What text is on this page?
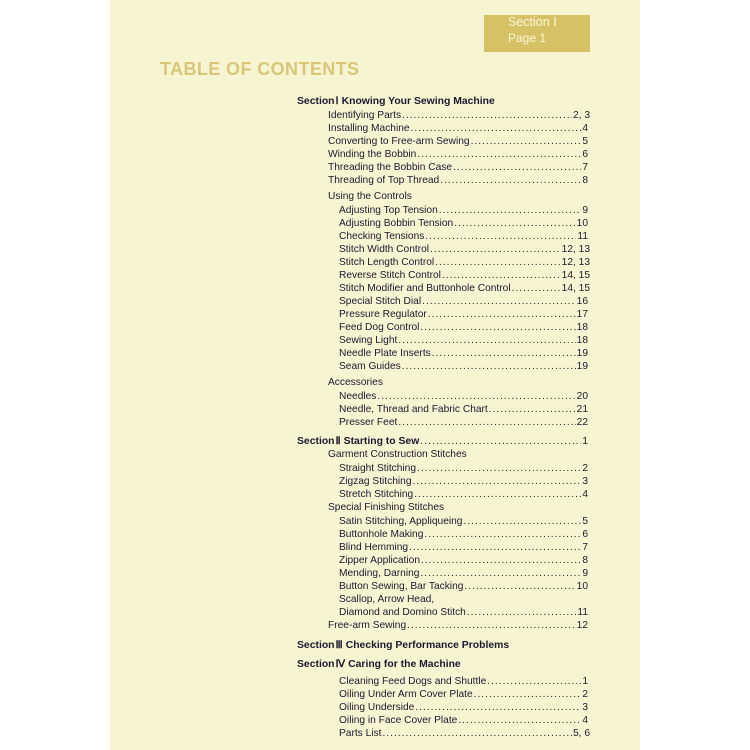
Section Ⅰ
Page 1
TABLE OF CONTENTS
Section Ⅰ Knowing Your Sewing Machine
Identifying Parts .....	2, 3
Installing Machine .....	4
Converting to Free-arm Sewing .....	5
Winding the Bobbin .....	6
Threading the Bobbin Case .....	7
Threading of Top Thread .....	8
Using the Controls
Adjusting Top Tension .....	9
Adjusting Bobbin Tension .....	10
Checking Tensions .....	11
Stitch Width Control .....	12, 13
Stitch Length Control .....	12, 13
Reverse Stitch Control .....	14, 15
Stitch Modifier and Buttonhole Control .....	14, 15
Special Stitch Dial .....	16
Pressure Regulator .....	17
Feed Dog Control .....	18
Sewing Light .....	18
Needle Plate Inserts .....	19
Seam Guides .....	19
Accessories
Needles .....	20
Needle, Thread and Fabric Chart .....	21
Presser Feet .....	22
Section Ⅱ Starting to Sew .....	1
Garment Construction Stitches
Straight Stitching .....	2
Zigzag Stitching .....	3
Stretch Stitching .....	4
Special Finishing Stitches
Satin Stitching, Appliqueing .....	5
Buttonhole Making .....	6
Blind Hemming .....	7
Zipper Application .....	8
Mending, Darning .....	9
Button Sewing, Bar Tacking .....	10
Scallop, Arrow Head,
Diamond and Domino Stitch .....	11
Free-arm Sewing .....	12
Section Ⅲ Checking Performance Problems
Section Ⅳ Caring for the Machine
Cleaning Feed Dogs and Shuttle .....	1
Oiling Under Arm Cover Plate .....	2
Oiling Underside .....	3
Oiling in Face Cover Plate .....	4
Parts List .....	5, 6
